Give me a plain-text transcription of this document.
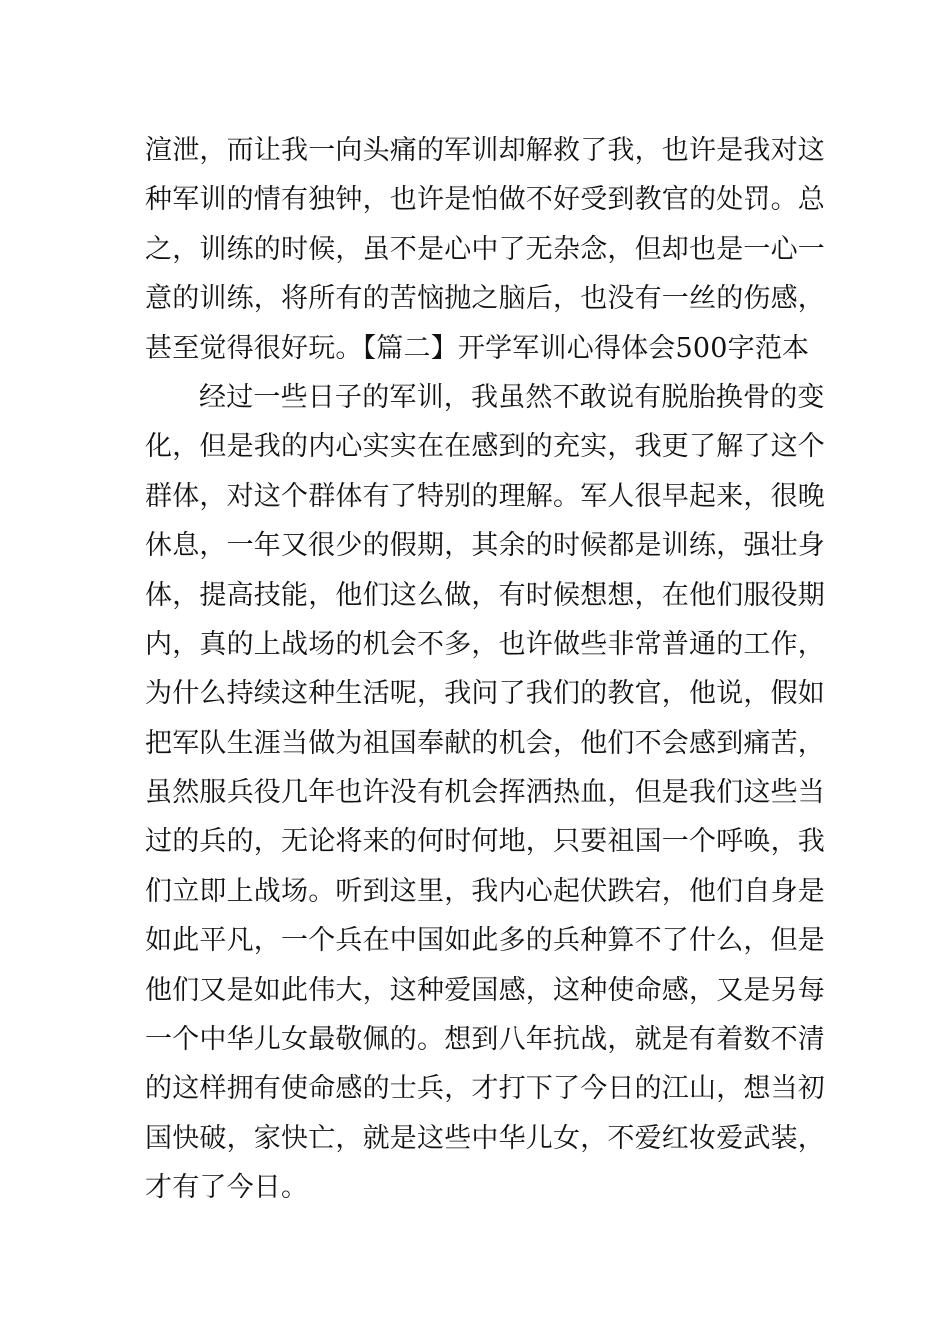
渲泄，而让我一向头痛的军训却解救了我，也许是我对这
种军训的情有独钟，也许是怕做不好受到教官的处罚。总
之，训练的时候，虽不是心中了无杂念，但却也是一心一
意的训练，将所有的苦恼抛之脑后，也没有一丝的伤感，
甚至觉得很好玩。【篇二】开学军训心得体会500字范本
经过一些日子的军训，我虽然不敢说有脱胎换骨的变
化，但是我的内心实实在在感到的充实，我更了解了这个
群体，对这个群体有了特别的理解。军人很早起来，很晚
休息，一年又很少的假期，其余的时候都是训练，强壮身
体，提高技能，他们这么做，有时候想想，在他们服役期
内，真的上战场的机会不多，也许做些非常普通的工作，
为什么持续这种生活呢，我问了我们的教官，他说，假如
把军队生涯当做为祖国奉献的机会，他们不会感到痛苦，
虽然服兵役几年也许没有机会挥洒热血，但是我们这些当
过的兵的，无论将来的何时何地，只要祖国一个呼唤，我
们立即上战场。听到这里，我内心起伏跌宕，他们自身是
如此平凡，一个兵在中国如此多的兵种算不了什么，但是
他们又是如此伟大，这种爱国感，这种使命感，又是另每
一个中华儿女最敬佩的。想到八年抗战，就是有着数不清
的这样拥有使命感的士兵，才打下了今日的江山，想当初
国快破，家快亡，就是这些中华儿女，不爱红妆爱武装，
才有了今日。
